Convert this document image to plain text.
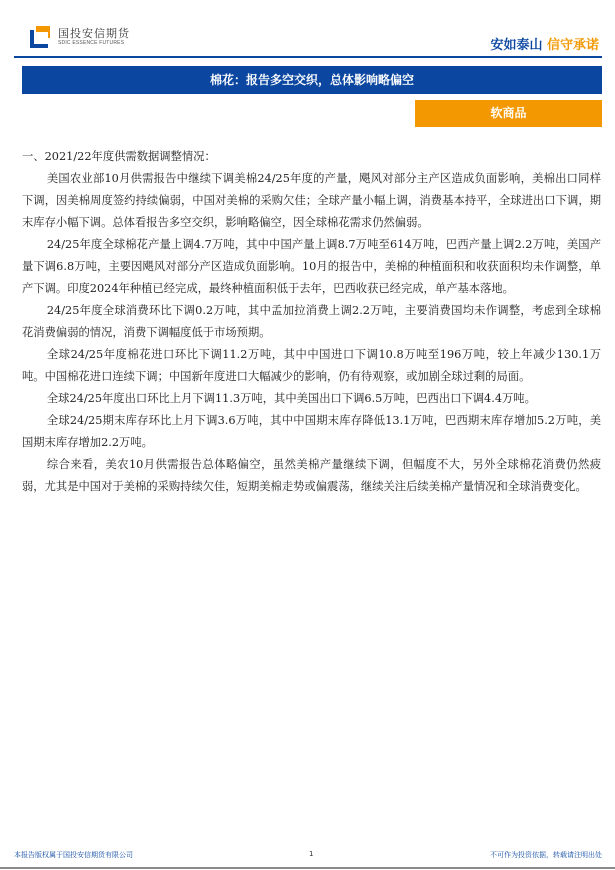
国投安信期货
SDIC ESSENCE FUTURES	安如泰山 信守承诺
棉花：报告多空交织，总体影响略偏空
软商品

一、2021/22年度供需数据调整情况：

美国农业部10月供需报告中继续下调美棉24/25年度的产量，飓风对部分主产区造成负面影响，美棉出口同样下调，因美棉周度签约持续偏弱，中国对美棉的采购欠佳；全球产量小幅上调，消费基本持平，全球进出口下调，期末库存小幅下调。总体看报告多空交织，影响略偏空，因全球棉花需求仍然偏弱。

24/25年度全球棉花产量上调4.7万吨，其中中国产量上调8.7万吨至614万吨，巴西产量上调2.2万吨，美国产量下调6.8万吨，主要因飓风对部分产区造成负面影响。10月的报告中，美棉的种植面积和收获面积均未作调整，单产下调。印度2024年种植已经完成，最终种植面积低于去年，巴西收获已经完成，单产基本落地。

24/25年度全球消费环比下调0.2万吨，其中孟加拉消费上调2.2万吨，主要消费国均未作调整，考虑到全球棉花消费偏弱的情况，消费下调幅度低于市场预期。

全球24/25年度棉花进口环比下调11.2万吨，其中中国进口下调10.8万吨至196万吨，较上年减少130.1万吨。中国棉花进口连续下调；中国新年度进口大幅减少的影响，仍有待观察，或加剧全球过剩的局面。

全球24/25年度出口环比上月下调11.3万吨，其中美国出口下调6.5万吨，巴西出口下调4.4万吨。

全球24/25期末库存环比上月下调3.6万吨，其中中国期末库存降低13.1万吨，巴西期末库存增加5.2万吨，美国期末库存增加2.2万吨。

综合来看，美农10月供需报告总体略偏空，虽然美棉产量继续下调，但幅度不大，另外全球棉花消费仍然疲弱，尤其是中国对于美棉的采购持续欠佳，短期美棉走势或偏震荡，继续关注后续美棉产量情况和全球消费变化。

本报告版权属于国投安信期货有限公司	1	不可作为投资依据，转载请注明出处
